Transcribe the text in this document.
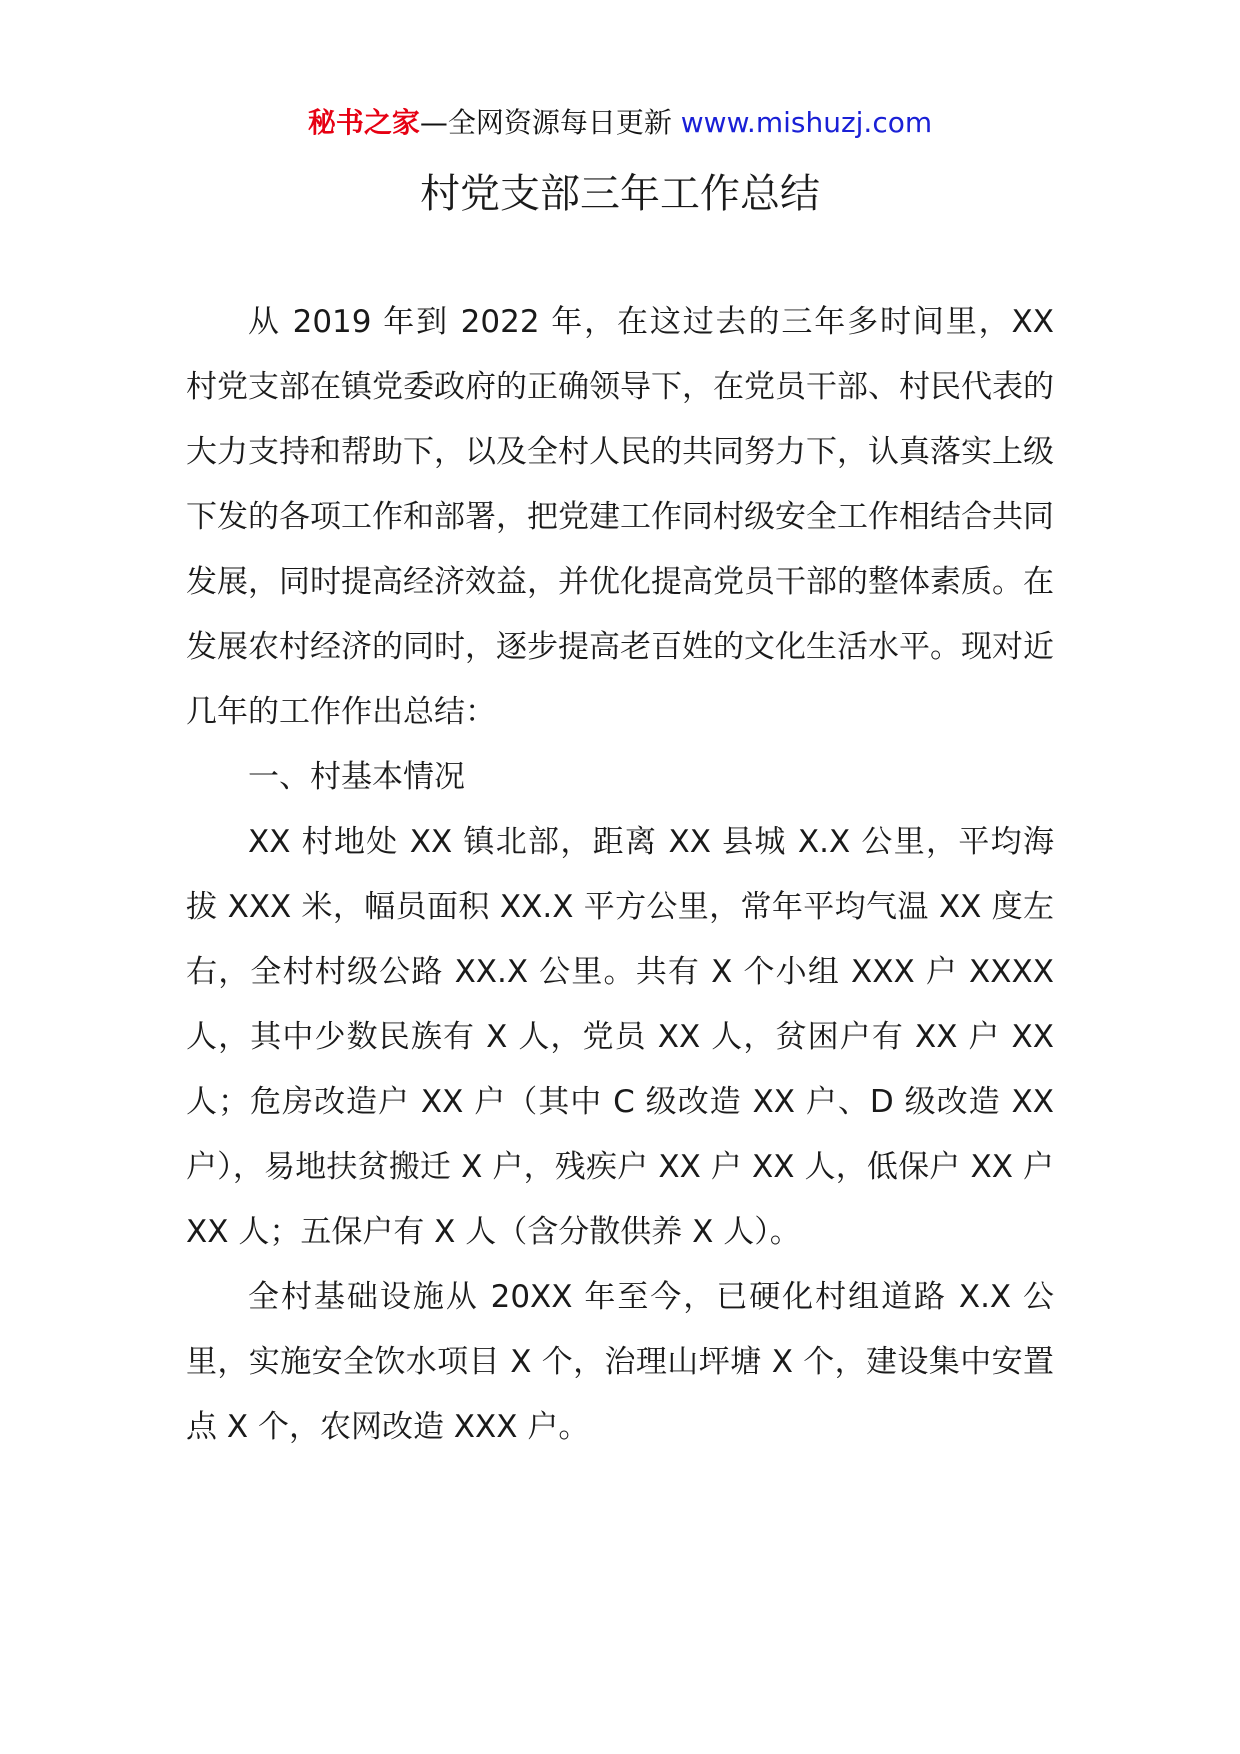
秘书之家—全网资源每日更新 www.mishuzj.com
村党支部三年工作总结

从 2019 年到 2022 年，在这过去的三年多时间里，XX 村党支部在镇党委政府的正确领导下，在党员干部、村民代表的大力支持和帮助下，以及全村人民的共同努力下，认真落实上级下发的各项工作和部署，把党建工作同村级安全工作相结合共同发展，同时提高经济效益，并优化提高党员干部的整体素质。在发展农村经济的同时，逐步提高老百姓的文化生活水平。现对近几年的工作作出总结：

一、村基本情况

XX 村地处 XX 镇北部，距离 XX 县城 X.X 公里，平均海拔 XXX 米，幅员面积 XX.X 平方公里，常年平均气温 XX 度左右，全村村级公路 XX.X 公里。共有 X 个小组 XXX 户 XXXX 人，其中少数民族有 X 人，党员 XX 人，贫困户有 XX 户 XX 人；危房改造户 XX 户（其中 C 级改造 XX 户、D 级改造 XX 户），易地扶贫搬迁 X 户，残疾户 XX 户 XX 人，低保户 XX 户 XX 人；五保户有 X 人（含分散供养 X 人）。

全村基础设施从 20XX 年至今，已硬化村组道路 X.X 公里，实施安全饮水项目 X 个，治理山坪塘 X 个，建设集中安置点 X 个，农网改造 XXX 户。
